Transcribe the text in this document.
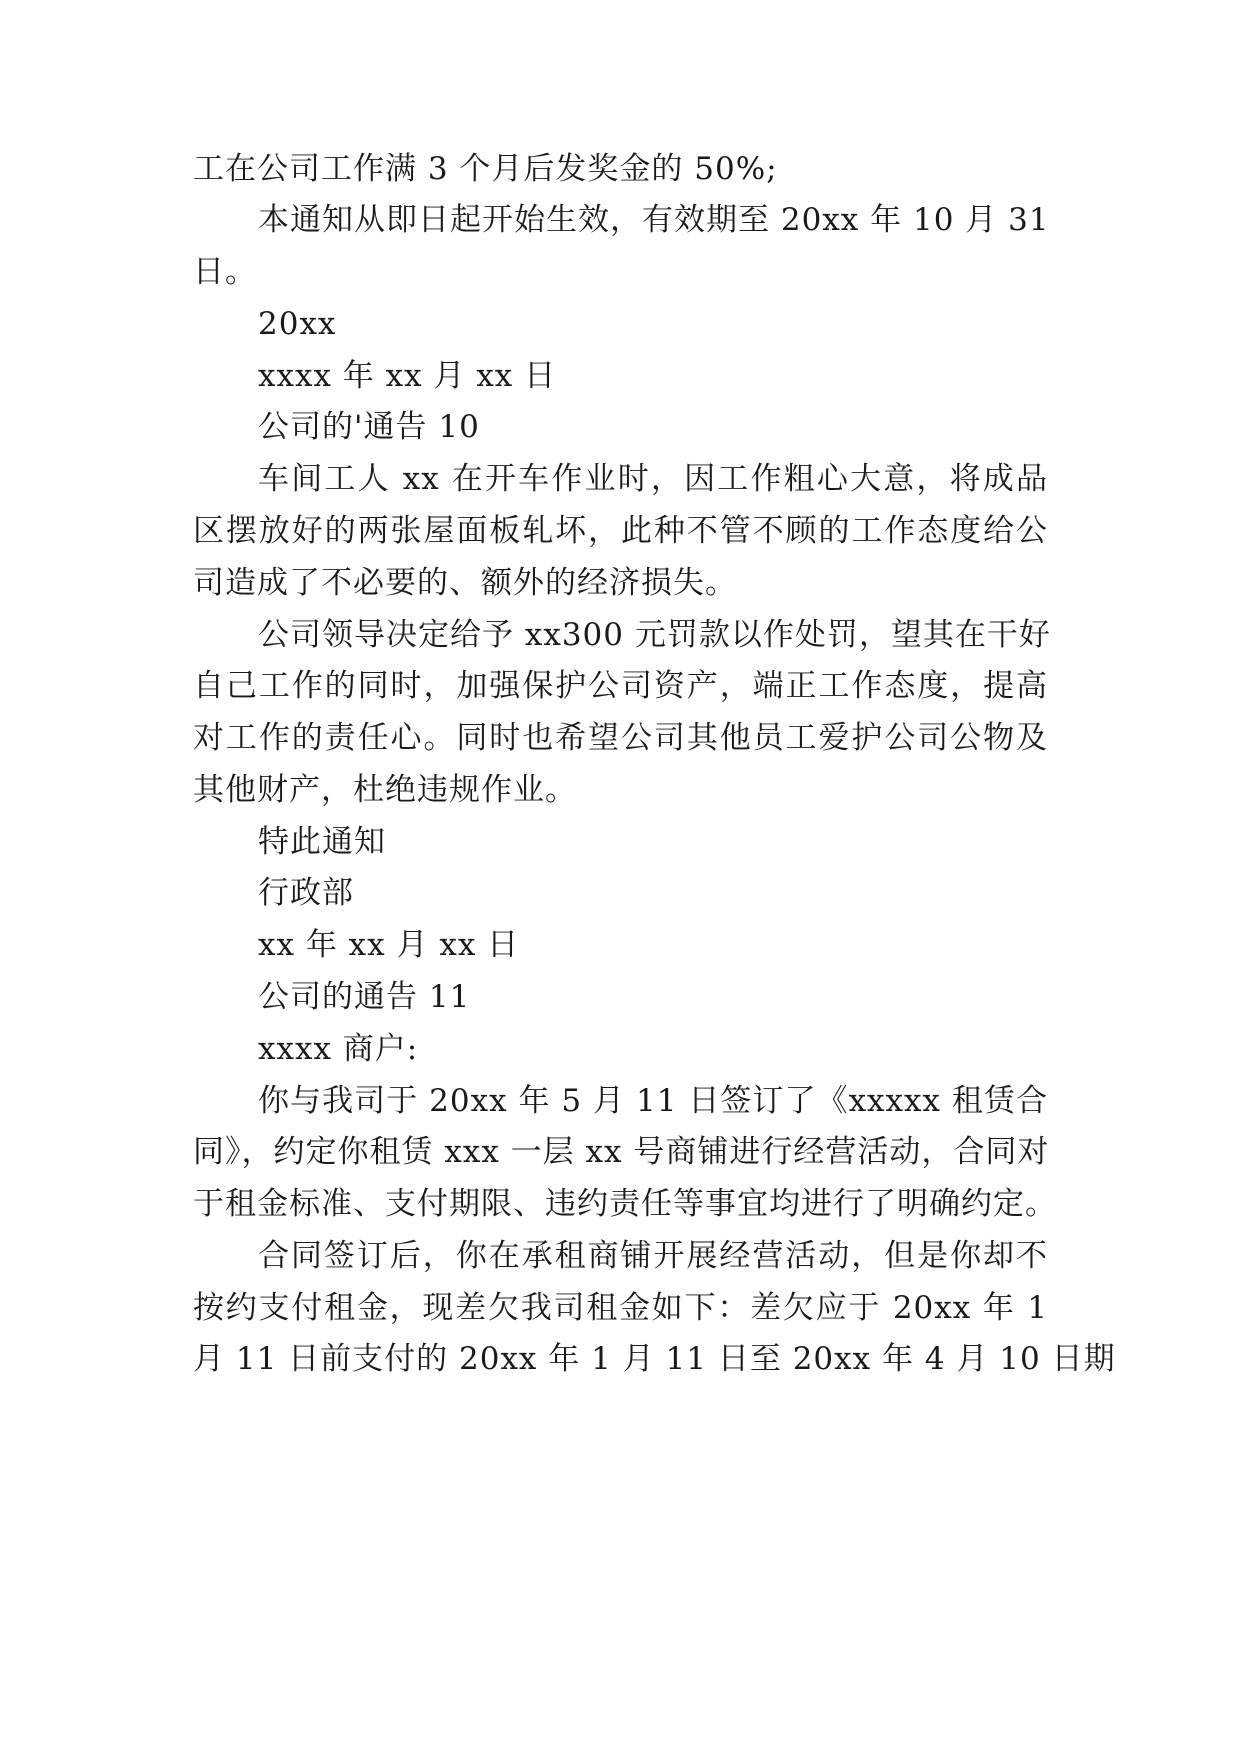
工在公司工作满 3 个月后发奖金的 50%;
本通知从即日起开始生效，有效期至 20xx 年 10 月 31
日。
20xx
xxxx 年 xx 月 xx 日
公司的'通告 10
车间工人 xx 在开车作业时，因工作粗心大意，将成品
区摆放好的两张屋面板轧坏，此种不管不顾的工作态度给公
司造成了不必要的、额外的经济损失。
公司领导决定给予 xx300 元罚款以作处罚，望其在干好
自己工作的同时，加强保护公司资产，端正工作态度，提高
对工作的责任心。同时也希望公司其他员工爱护公司公物及
其他财产，杜绝违规作业。
特此通知
行政部
xx 年 xx 月 xx 日
公司的通告 11
xxxx 商户:
你与我司于 20xx 年 5 月 11 日签订了《xxxxx 租赁合
同》，约定你租赁 xxx 一层 xx 号商铺进行经营活动，合同对
于租金标准、支付期限、违约责任等事宜均进行了明确约定。
合同签订后，你在承租商铺开展经营活动，但是你却不
按约支付租金，现差欠我司租金如下：差欠应于 20xx 年 1
月 11 日前支付的 20xx 年 1 月 11 日至 20xx 年 4 月 10 日期
